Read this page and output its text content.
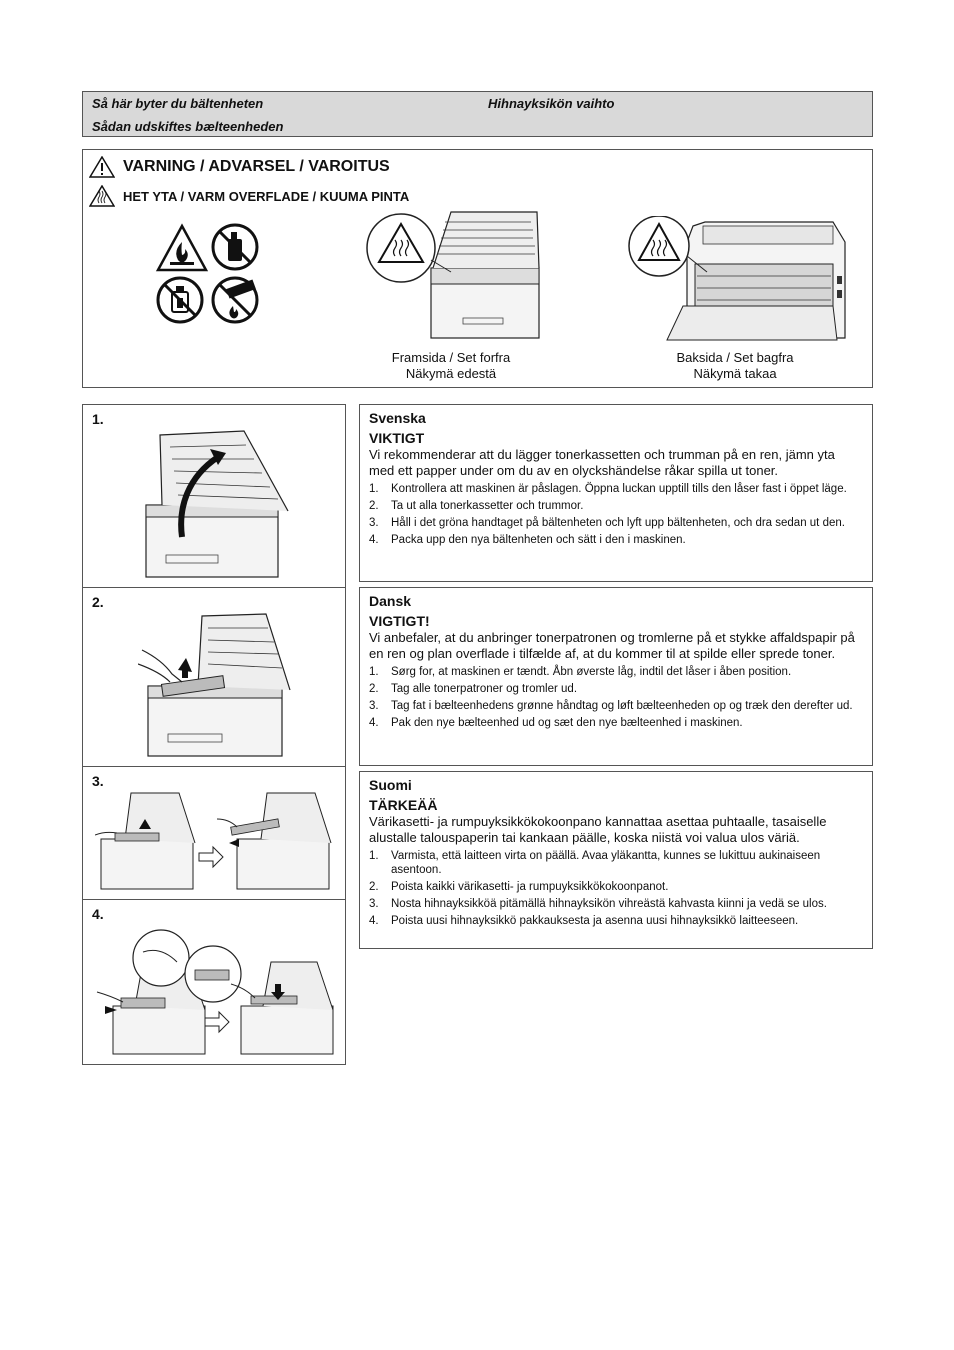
Så här byter du bältenheten	Hihnayksikön vaihto
Sådan udskiftes bælteenheden
VARNING / ADVARSEL / VAROITUS
HET YTA / VARM OVERFLADE / KUUMA PINTA
Framsida / Set forfra
Näkymä edestä
Baksida / Set bagfra
Näkymä takaa
1.
2.
3.
4.
Svenska
VIKTIGT

Vi rekommenderar att du lägger tonerkassetten och trumman på en ren, jämn yta med ett papper under om du av en olyckshändelse råkar spilla ut toner.

1. Kontrollera att maskinen är påslagen. Öppna luckan upptill tills den låser fast i öppet läge.
2. Ta ut alla tonerkassetter och trummor.
3. Håll i det gröna handtaget på bältenheten och lyft upp bältenheten, och dra sedan ut den.
4. Packa upp den nya bältenheten och sätt i den i maskinen.
Dansk
VIGTIGT!

Vi anbefaler, at du anbringer tonerpatronen og tromlerne på et stykke affaldspapir på en ren og plan overflade i tilfælde af, at du kommer til at spilde eller sprede toner.

1. Sørg for, at maskinen er tændt. Åbn øverste låg, indtil det låser i åben position.
2. Tag alle tonerpatroner og tromler ud.
3. Tag fat i bælteenhedens grønne håndtag og løft bælteenheden op og træk den derefter ud.
4. Pak den nye bælteenhed ud og sæt den nye bælteenhed i maskinen.
Suomi
TÄRKEÄÄ

Värikasetti- ja rumpuyksikkökokoonpano kannattaa asettaa puhtaalle, tasaiselle alustalle talouspaperin tai kankaan päälle, koska niistä voi valua ulos väriä.

1. Varmista, että laitteen virta on päällä. Avaa yläkantta, kunnes se lukittuu aukinaiseen asentoon.
2. Poista kaikki värikasetti- ja rumpuyksikkökokoonpanot.
3. Nosta hihnayksikköä pitämällä hihnayksikön vihreästä kahvasta kiinni ja vedä se ulos.
4. Poista uusi hihnayksikkö pakkauksesta ja asenna uusi hihnayksikkö laitteeseen.
